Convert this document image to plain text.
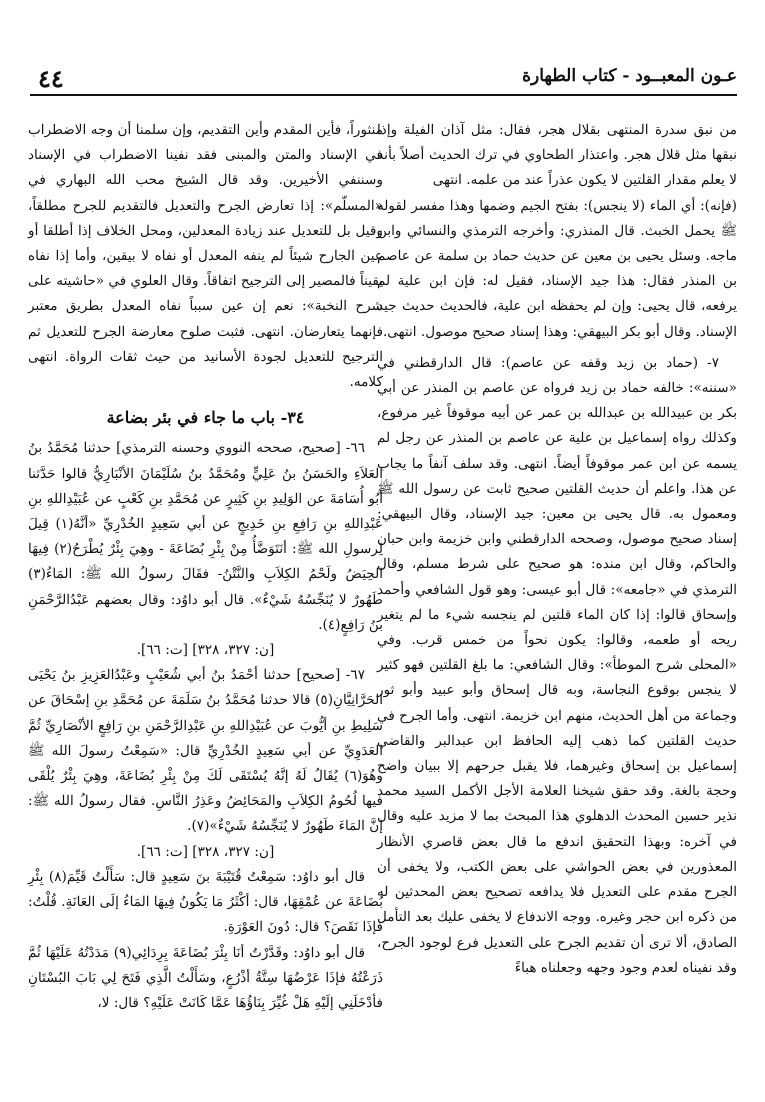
٤٤	عـون المعبــود - كتاب الطهارة

من نبق سدرة المنتهى بقلال هجر، فقال: مثل آذان الفيلة وإذا نبقها مثل قلال هجر. واعتذار الطحاوي في ترك الحديث أصلاً بأنه لا يعلم مقدار القلتين لا يكون عذراً عند من علمه. انتهى

(فإنه): أي الماء (لا ينجس): بفتح الجيم وضمها وهذا مفسر لقوله ﷺ يحمل الخبث. قال المنذري: وأخرجه الترمذي والنسائي وابن ماجه. وسئل يحيى بن معين عن حديث حماد بن سلمة عن عاصم بن المنذر فقال: هذا جيد الإسناد، فقيل له: فإن ابن علية لم يرفعه، قال يحيى: وإن لم يحفظه ابن علية، فالحديث حديث جيد الإسناد. وقال أبو بكر البيهقي: وهذا إسناد صحيح موصول. انتهى.

٧- (حماد بن زيد وقفه عن عاصم): قال الدارقطني في «سننه»: خالفه حماد بن زيد فرواه عن عاصم بن المنذر عن أبي بكر بن عبيدالله بن عبدالله بن عمر عن أبيه موقوفاً غير مرفوع، وكذلك رواه إسماعيل بن علية عن عاصم بن المنذر عن رجل لم يسمه عن ابن عمر موقوفاً أيضاً. انتهى. وقد سلف آنفاً ما يجاب عن هذا. واعلم أن حديث القلتين صحيح ثابت عن رسول الله ﷺ ومعمول به. قال يحيى بن معين: جيد الإسناد، وقال البيهقي: إسناد صحيح موصول، وصححه الدارقطني وابن خزيمة وابن حبان والحاكم، وقال ابن منده: هو صحيح على شرط مسلم، وقال الترمذي في «جامعه»: قال أبو عيسى: وهو قول الشافعي وأحمد وإسحاق قالوا: إذا كان الماء قلتين لم ينجسه شيء ما لم يتغير ريحه أو طعمه، وقالوا: يكون نحواً من خمس قرب. وفي «المحلى شرح الموطأ»: وقال الشافعي: ما بلغ القلتين فهو كثير لا ينجس بوقوع النجاسة، وبه قال إسحاق وأبو عبيد وأبو ثور وجماعة من أهل الحديث، منهم ابن خزيمة. انتهى. وأما الجرح في حديث القلتين كما ذهب إليه الحافظ ابن عبدالبر والقاضي إسماعيل بن إسحاق وغيرهما، فلا يقبل جرحهم إلا ببيان واضح وحجة بالغة. وقد حقق شيخنا العلامة الأجل الأكمل السيد محمد نذير حسين المحدث الدهلوي هذا المبحث بما لا مزيد عليه وقال في آخره: وبهذا التحقيق اندفع ما قال بعض قاصري الأنظار المعذورين في بعض الحواشي على بعض الكتب، ولا يخفى أن الجرح مقدم على التعديل فلا يدافعه تصحيح بعض المحدثين له من ذكره ابن حجر وغيره. ووجه الاندفاع لا يخفى عليك بعد التأمل الصادق، ألا ترى أن تقديم الجرح على التعديل فرع لوجود الجرح، وقد نفيناه لعدم وجود وجهه وجعلناه هباءً

منثوراً، فأين المقدم وأين التقديم، وإن سلمنا أن وجه الاضطراب في الإسناد والمتن والمبنى فقد نفينا الاضطراب في الإسناد وسننفي الأخيرين. وقد قال الشيخ محب الله البهاري في «المسلّم»: إذا تعارض الجرح والتعديل فالتقديم للجرح مطلقاً، وقيل بل للتعديل عند زيادة المعدلين، ومحل الخلاف إذا أطلقا أو عين الجارح شيئاً لم ينفه المعدل أو نفاه لا بيقين، وأما إذا نفاه يقيناً فالمصير إلى الترجيح اتفاقاً. وقال العلوي في «حاشيته على شرح النخبة»: نعم إن عين سبباً نفاه المعدل بطريق معتبر فإنهما يتعارضان. انتهى. فثبت صلوح معارضة الجرح للتعديل ثم الترجيح للتعديل لجودة الأسانيد من حيث ثقات الرواة. انتهى كلامه.

٣٤- باب ما جاء في بئر بضاعة

٦٦- [صحيح، صححه النووي وحسنه الترمذي] حدثنا مُحَمَّدُ بنُ العَلاَءِ والحَسَنُ بنُ عَلِيٍّ ومُحَمَّدُ بنُ سُلَيْمَانَ الأنْبَارِيُّ قالوا حَدَّثنا أبُو أُسَامَةَ عن الوَلِيدِ بنِ كَثِيرٍ عن مُحَمَّدِ بنِ كَعْبٍ عن عُبَيْدِاللهِ بنِ عَبْدِاللهِ بنِ رَافِعِ بنِ خَدِيجٍ عن أبي سَعِيدٍ الخُدْرِيِّ «أنَّهُ(١) قِيلَ لِرسولِ الله ﷺ: أنَتَوَضَّأُ مِنْ بِئْرِ بُضَاعَةَ - وهِيَ بِئْرٌ يُطْرَحُ(٢) فِيهَا الحِيَضُ ولَحْمُ الكِلاَبِ والنَّتْنُ- فقَالَ رسولُ الله ﷺ: المَاءُ(٣) طَهُورٌ لا يُنَجِّسُهُ شَيْءٌ». قال أبو داوُد: وقال بعضهم عَبْدُالرَّحْمَنِ بنُ رَافِعٍ(٤).

[ن: ٣٢٧، ٣٢٨] [ت: ٦٦].

٦٧- [صحيح] حدثنا أحْمَدُ بنُ أبي شُعَيْبٍ وعَبْدُالعَزِيزِ بنُ يَحْيَى الحَرَّانِيَّانِ(٥) قالا حدثنا مُحَمَّدُ بنُ سَلَمَةَ عن مُحَمَّدِ بنِ إسْحَاقَ عن سَلِيطِ بنِ أيُّوبَ عن عُبَيْدِاللهِ بنِ عَبْدِالرَّحْمَنِ بنِ رَافِعٍ الأنْصَارِيِّ ثُمَّ العَدَوِيِّ عن أبي سَعِيدٍ الخُدْرِيِّ قال: «سَمِعْتُ رسولَ الله ﷺ وهُوَ(٦) يُقَالُ لَهُ إنَّهُ يُسْتَقَى لَكَ مِنْ بِئْرِ بُضَاعَةَ، وهِيَ بِئْرٌ يُلْقَى فيها لُحُومُ الكِلاَبِ والمَحَائِضُ وعَذِرُ النَّاسِ. فقال رسولُ الله ﷺ: إنَّ المَاءَ طَهُورٌ لا يُنَجِّسُهُ شَيْءٌ»(٧).

[ن: ٣٢٧، ٣٢٨] [ت: ٦٦].

قال أبو داوُد: سَمِعْتُ قُتَيْبَةَ بنَ سَعِيدٍ قال: سَأَلْتُ قَيِّمَ(٨) بِئْرِ بُضَاعَةَ عن عُمْقِهَا، قال: أكْثَرُ مَا يَكُونُ فِيهَا المَاءُ إلَى العَانَةِ. قُلْتُ: فإذَا نَقَصَ؟ قال: دُونَ العَوْرَةِ.

قال أبو داوُد: وقَدَّرْتُ أنَا بِئْرَ بُضَاعَةَ بِرِدَائِي(٩) مَدَدْتُهُ عَلَيْهَا ثُمَّ ذَرَعْتُهُ فإذَا عَرْضُهَا سِتَّةُ أذْرُعٍ، وسَأَلْتُ الَّذِي فَتَحَ لِي بَابَ البُسْتَانِ فأدْخَلَنِي إلَيْهِ هَلْ غُيِّرَ بِنَاؤُهَا عَمَّا كَانَتْ عَلَيْهِ؟ قال: لا،
